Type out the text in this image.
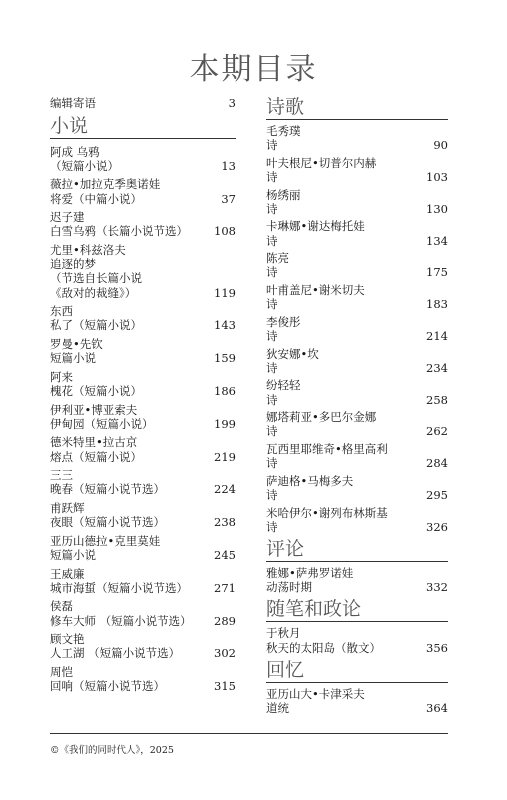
本期目录
编辑寄语	3
小说
阿成 乌鸦
（短篇小说）	13
薇拉•加拉克季奥诺娃
将爱（中篇小说）	37
迟子建
白雪乌鸦（长篇小说节选）	108
尤里•科兹洛夫
追逐的梦
（节选自长篇小说
《敌对的裁缝》）	119
东西
私了（短篇小说）	143
罗曼•先钦
短篇小说	159
阿来
槐花（短篇小说）	186
伊利亚•博亚索夫
伊甸园（短篇小说）	199
德米特里•拉古京
熔点（短篇小说）	219
三三
晚春（短篇小说节选）	224
甫跃辉
夜眼（短篇小说节选）	238
亚历山德拉•克里莫娃
短篇小说	245
王威廉
城市海蜇（短篇小说节选）	271
侯磊
修车大师 （短篇小说节选）	289
顾文艳
人工湖 （短篇小说节选）	302
周恺
回响（短篇小说节选）	315
诗歌
毛秀璞
诗	90
叶夫根尼•切普尔内赫
诗	103
杨绣丽
诗	130
卡琳娜•谢达梅托娃
诗	134
陈亮
诗	175
叶甫盖尼•谢米切夫
诗	183
李俊彤
诗	214
狄安娜•坎
诗	234
纷轻轻
诗	258
娜塔莉亚•多巴尔金娜
诗	262
瓦西里耶维奇•格里高利
诗	284
萨迪格•马梅多夫
诗	295
米哈伊尔•谢列布林斯基
诗	326
评论
雅娜•萨弗罗诺娃
动荡时期	332
随笔和政论
于秋月
秋天的太阳岛（散文）	356
回忆
亚历山大•卡津采夫
道统	364
©《我们的同时代人》，2025
